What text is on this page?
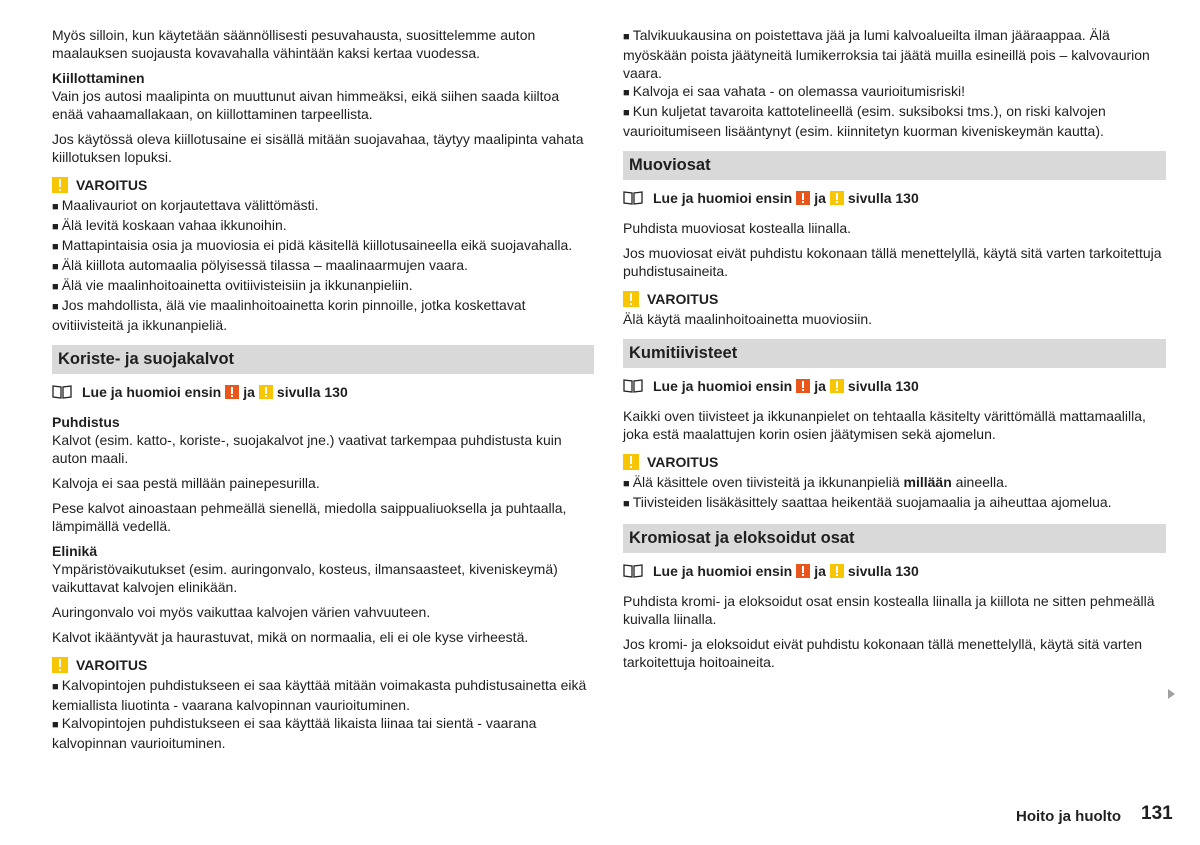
Myös silloin, kun käytetään säännöllisesti pesuvahausta, suosittelemme auton maalauksen suojausta kovavahalla vähintään kaksi kertaa vuodessa.

Kiillottaminen

Vain jos autosi maalipinta on muuttunut aivan himmeäksi, eikä siihen saada kiiltoa enää vahaamallakaan, on kiillottaminen tarpeellista.

Jos käytössä oleva kiillotusaine ei sisällä mitään suojavahaa, täytyy maalipinta vahata kiillotuksen lopuksi.

VAROITUS
■ Maalivauriot on korjautettava välittömästi.
■ Älä levitä koskaan vahaa ikkunoihin.
■ Mattapintaisia osia ja muoviosia ei pidä käsitellä kiillotusaineella eikä suojavahalla.
■ Älä kiillota automaalia pölyisessä tilassa – maalinaarmujen vaara.
■ Älä vie maalinhoitoainetta ovitiivisteisiin ja ikkunanpieliin.
■ Jos mahdollista, älä vie maalinhoitoainetta korin pinnoille, jotka koskettavat ovitiivisteitä ja ikkunanpieliä.
Koriste- ja suojakalvot
Lue ja huomioi ensin ja sivulla 130
Puhdistus

Kalvot (esim. katto-, koriste-, suojakalvot jne.) vaativat tarkempaa puhdistusta kuin auton maali.

Kalvoja ei saa pestä millään painepesurilla.

Pese kalvot ainoastaan pehmeällä sienellä, miedolla saippualiuoksella ja puhtaalla, lämpimällä vedellä.

Elinikä

Ympäristövaikutukset (esim. auringonvalo, kosteus, ilmansaasteet, kiveniskeymä) vaikuttavat kalvojen elinikään.

Auringonvalo voi myös vaikuttaa kalvojen värien vahvuuteen.

Kalvot ikääntyvät ja haurastuvat, mikä on normaalia, eli ei ole kyse virheestä.

VAROITUS
■ Kalvopintojen puhdistukseen ei saa käyttää mitään voimakasta puhdistusainetta eikä kemiallista liuotinta - vaarana kalvopinnan vaurioituminen.
■ Kalvopintojen puhdistukseen ei saa käyttää likaista liinaa tai sientä - vaarana kalvopinnan vaurioituminen.
■ Talvikuukausina on poistettava jää ja lumi kalvoalueilta ilman jääraappaa. Älä myöskään poista jäätyneitä lumikerroksia tai jäätä muilla esineillä pois – kalvovaurion vaara.
■ Kalvoja ei saa vahata - on olemassa vaurioitumisriski!
■ Kun kuljetat tavaroita kattotelineellä (esim. suksiboksi tms.), on riski kalvojen vaurioitumiseen lisääntynyt (esim. kiinnitetyn kuorman kiveniskeymän kautta).
Muoviosat
Lue ja huomioi ensin ja sivulla 130

Puhdista muoviosat kostealla liinalla.

Jos muoviosat eivät puhdistu kokonaan tällä menettelyllä, käytä sitä varten tarkoitettuja puhdistusaineita.

VAROITUS
Älä käytä maalinhoitoainetta muoviosiin.
Kumitiivisteet
Lue ja huomioi ensin ja sivulla 130

Kaikki oven tiivisteet ja ikkunanpielet on tehtaalla käsitelty värittömällä mattamaalilla, joka estä maalattujen korin osien jäätymisen sekä ajomelun.

VAROITUS
■ Älä käsittele oven tiivisteitä ja ikkunanpieliä millään aineella.
■ Tiivisteiden lisäkäsittely saattaa heikentää suojamaalia ja aiheuttaa ajomelua.
Kromiosat ja eloksoidut osat
Lue ja huomioi ensin ja sivulla 130

Puhdista kromi- ja eloksoidut osat ensin kostealla liinalla ja kiillota ne sitten pehmeällä kuivalla liinalla.

Jos kromi- ja eloksoidut eivät puhdistu kokonaan tällä menettelyllä, käytä sitä varten tarkoitettuja hoitoaineita.

Hoito ja huolto 131
